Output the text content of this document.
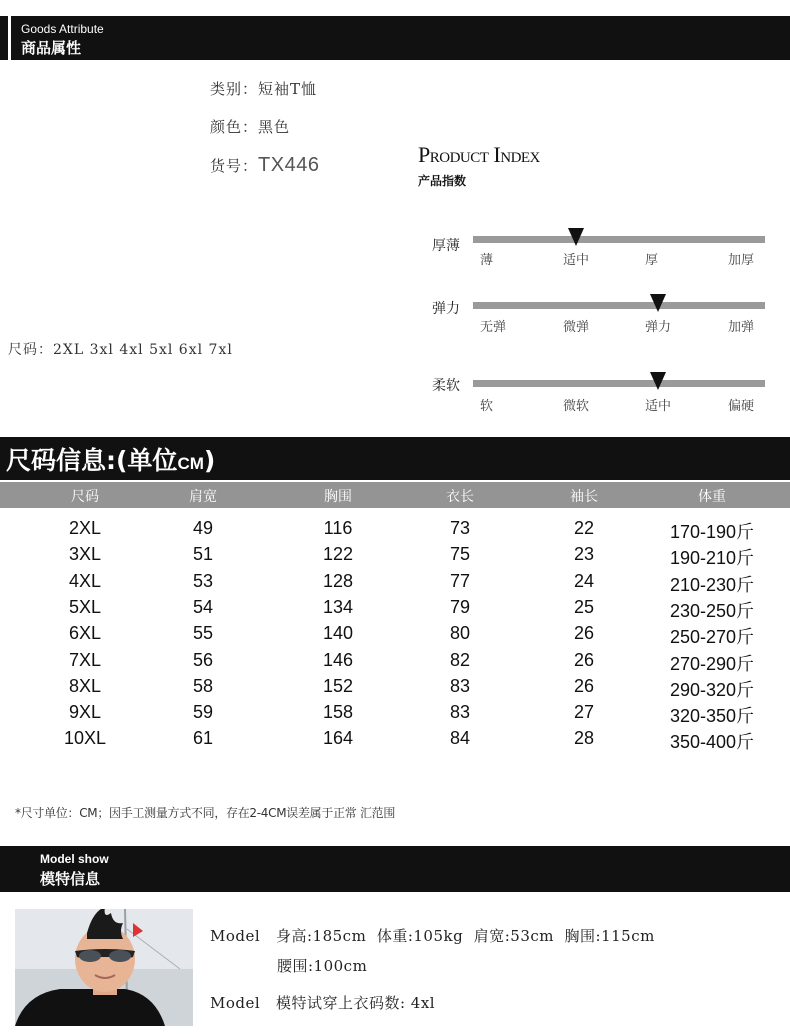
Goods Attribute
商品属性
类别：短袖T恤
颜色：黑色
货号：TX446
尺码：2XL 3xl 4xl 5xl 6xl 7xl
Product Index
产品指数
厚薄
薄	适中	厚	加厚
弹力
无弹	微弹	弹力	加弹
柔软
软	微软	适中	偏硬
尺码信息:(单位CM)
尺码	肩宽	胸围	衣长	袖长	体重
2XL	49	116	73	22	170-190斤
3XL	51	122	75	23	190-210斤
4XL	53	128	77	24	210-230斤
5XL	54	134	79	25	230-250斤
6XL	55	140	80	26	250-270斤
7XL	56	146	82	26	270-290斤
8XL	58	152	83	26	290-320斤
9XL	59	158	83	27	320-350斤
10XL	61	164	84	28	350-400斤
*尺寸单位：CM；因手工测量方式不同，存在2-4CM误差属于正常 汇范围
Model show
模特信息
Model 身高:185cm  体重:105kg  肩宽:53cm  胸围:115cm
腰围:100cm
Model 模特试穿上衣码数: 4xl
